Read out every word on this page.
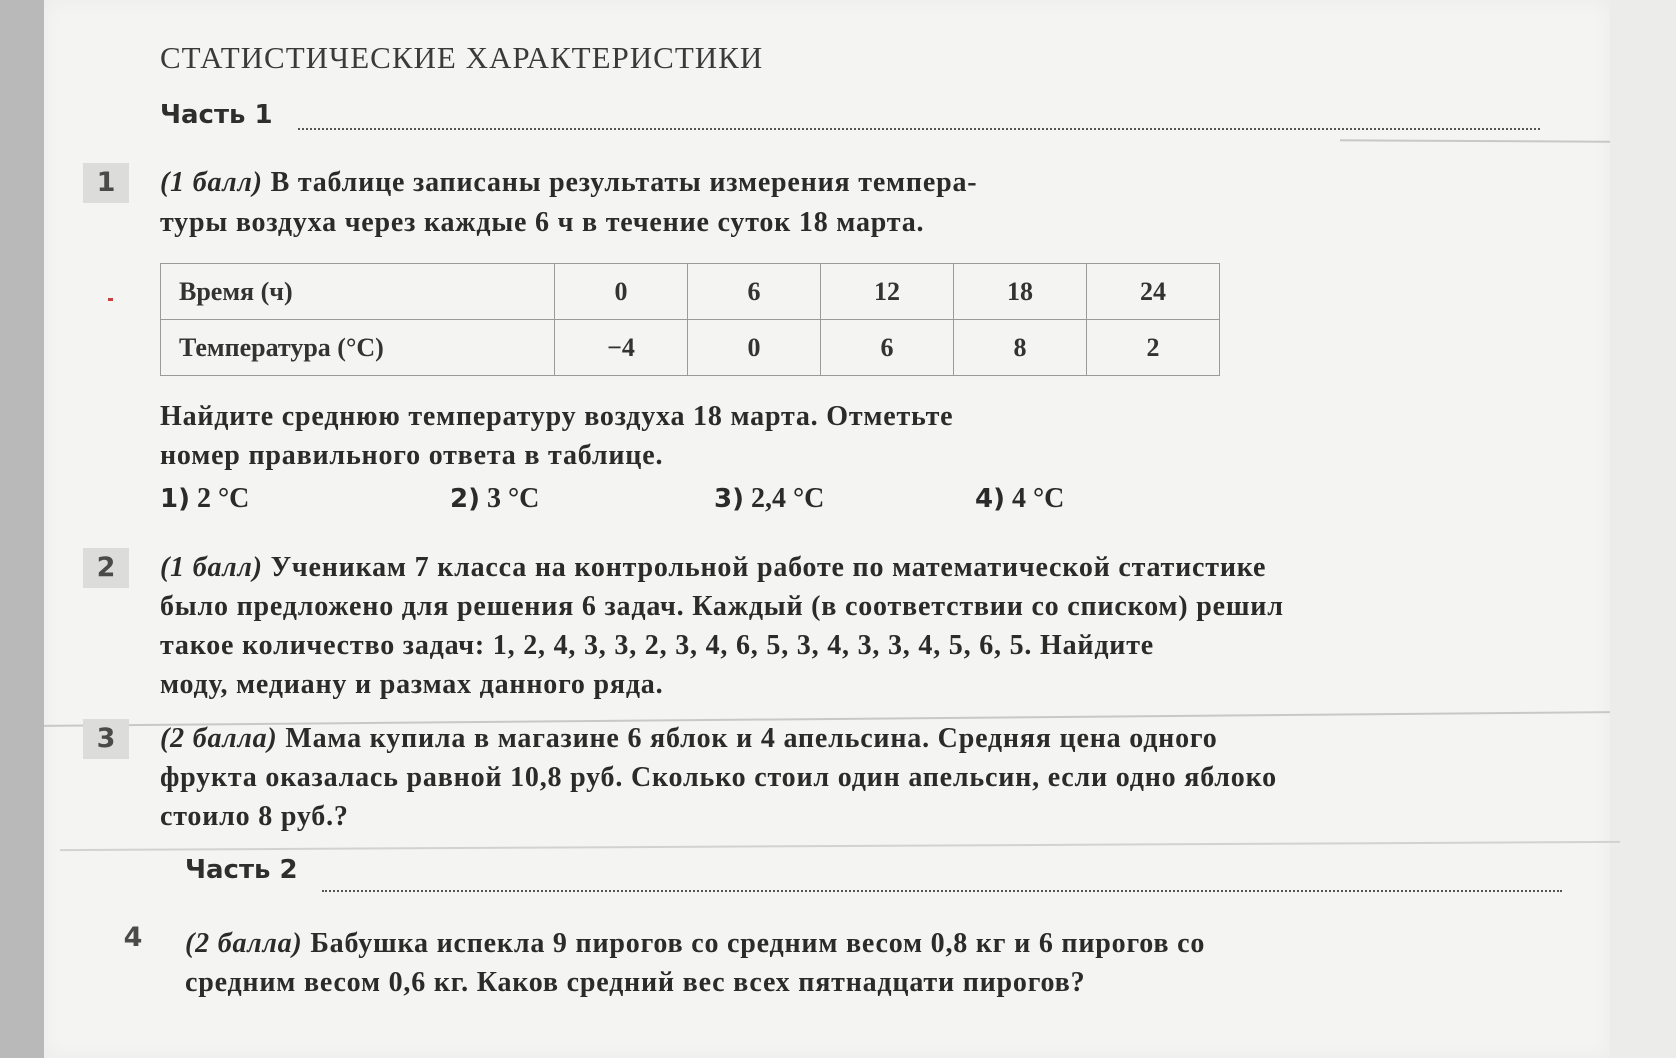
СТАТИСТИЧЕСКИЕ ХАРАКТЕРИСТИКИ
Часть 1
1	(1 балл) В таблице записаны результаты измерения темпера-
туры воздуха через каждые 6 ч в течение суток 18 марта.
Время (ч)	0	6	12	18	24
Температура (°С)	−4	0	6	8	2
Найдите среднюю температуру воздуха 18 марта. Отметьте
номер правильного ответа в таблице.
1) 2 °С	2) 3 °С	3) 2,4 °С	4) 4 °С
2	(1 балл) Ученикам 7 класса на контрольной работе по математической статистике
было предложено для решения 6 задач. Каждый (в соответствии со списком) решил
такое количество задач: 1, 2, 4, 3, 3, 2, 3, 4, 6, 5, 3, 4, 3, 3, 4, 5, 6, 5. Найдите
моду, медиану и размах данного ряда.
3	(2 балла) Мама купила в магазине 6 яблок и 4 апельсина. Средняя цена одного
фрукта оказалась равной 10,8 руб. Сколько стоил один апельсин, если одно яблоко
стоило 8 руб.?
Часть 2
4	(2 балла) Бабушка испекла 9 пирогов со средним весом 0,8 кг и 6 пирогов со
средним весом 0,6 кг. Каков средний вес всех пятнадцати пирогов?
